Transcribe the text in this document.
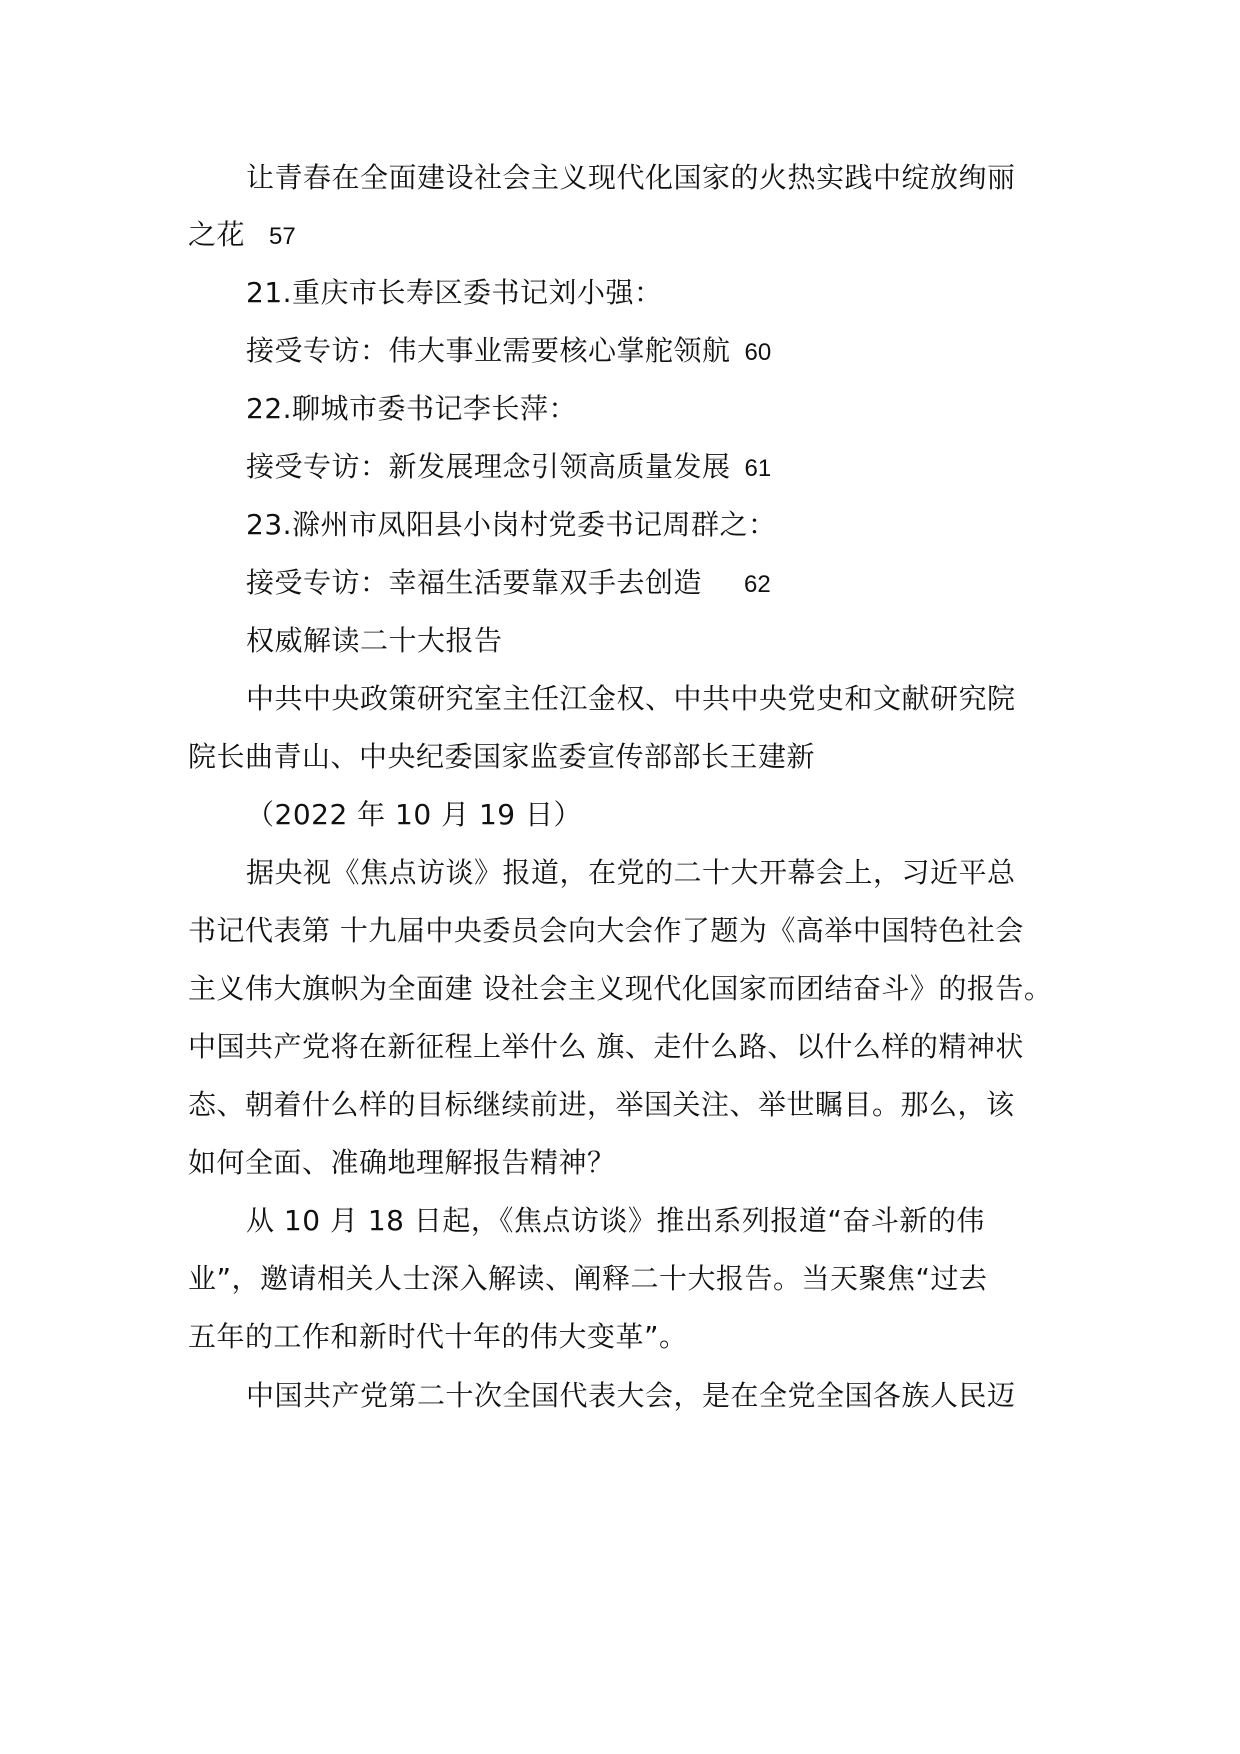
让青春在全面建设社会主义现代化国家的火热实践中绽放绚丽
之花 57
21.重庆市长寿区委书记刘小强：
接受专访：伟大事业需要核心掌舵领航 60
22.聊城市委书记李长萍：
接受专访：新发展理念引领高质量发展 61
23.滁州市凤阳县小岗村党委书记周群之：
接受专访：幸福生活要靠双手去创造 62
权威解读二十大报告
中共中央政策研究室主任江金权、中共中央党史和文献研究院
院长曲青山、中央纪委国家监委宣传部部长王建新
（2022 年 10 月 19 日）
据央视《焦点访谈》报道，在党的二十大开幕会上，习近平总
书记代表第 十九届中央委员会向大会作了题为《高举中国特色社会
主义伟大旗帜为全面建 设社会主义现代化国家而团结奋斗》的报告。
中国共产党将在新征程上举什么 旗、走什么路、以什么样的精神状
态、朝着什么样的目标继续前进，举国关注、举世瞩目。那么，该
如何全面、准确地理解报告精神？
从 10 月 18 日起，《焦点访谈》推出系列报道“奋斗新的伟
业”，邀请相关人士深入解读、阐释二十大报告。当天聚焦“过去
五年的工作和新时代十年的伟大变革”。
中国共产党第二十次全国代表大会，是在全党全国各族人民迈
